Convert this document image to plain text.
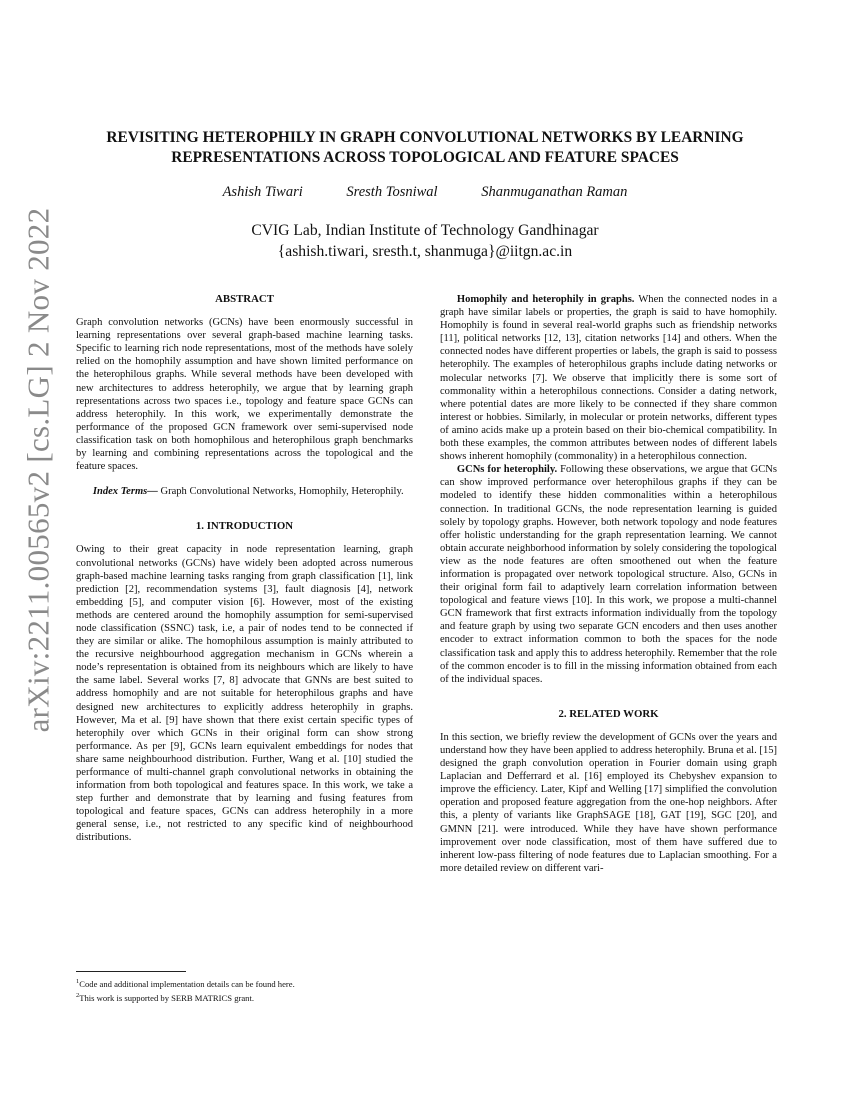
arXiv:2211.00565v2 [cs.LG] 2 Nov 2022
REVISITING HETEROPHILY IN GRAPH CONVOLUTIONAL NETWORKS BY LEARNING
REPRESENTATIONS ACROSS TOPOLOGICAL AND FEATURE SPACES
Ashish Tiwari	Sresth Tosniwal	Shanmuganathan Raman
CVIG Lab, Indian Institute of Technology Gandhinagar
{ashish.tiwari, sresth.t, shanmuga}@iitgn.ac.in
ABSTRACT

Graph convolution networks (GCNs) have been enormously successful in learning representations over several graph-based machine learning tasks. Specific to learning rich node representations, most of the methods have solely relied on the homophily assumption and have shown limited performance on the heterophilous graphs. While several methods have been developed with new architectures to address heterophily, we argue that by learning graph representations across two spaces i.e., topology and feature space GCNs can address heterophily. In this work, we experimentally demonstrate the performance of the proposed GCN framework over semi-supervised node classification task on both homophilous and heterophilous graph benchmarks by learning and combining representations across the topological and the feature spaces.

Index Terms— Graph Convolutional Networks, Homophily, Heterophily.

1. INTRODUCTION

Owing to their great capacity in node representation learning, graph convolutional networks (GCNs) have widely been adopted across numerous graph-based machine learning tasks ranging from graph classification [1], link prediction [2], recommendation systems [3], fault diagnosis [4], network embedding [5], and computer vision [6]. However, most of the existing methods are centered around the homophily assumption for semi-supervised node classification (SSNC) task, i.e, a pair of nodes tend to be connected if they are similar or alike. The homophilous assumption is mainly attributed to the recursive neighbourhood aggregation mechanism in GCNs wherein a node’s representation is obtained from its neighbours which are likely to have the same label. Several works [7, 8] advocate that GNNs are best suited to address homophily and are not suitable for heterophilous graphs and have designed new architectures to explicitly address heterophily in graphs. However, Ma et al. [9] have shown that there exist certain specific types of heterophily over which GCNs in their original form can show strong performance. As per [9], GCNs learn equivalent embeddings for nodes that share same neighbourhood distribution. Further, Wang et al. [10] studied the performance of multi-channel graph convolutional networks in obtaining the information from both topological and features space. In this work, we take a step further and demonstrate that by learning and fusing features from topological and feature spaces, GCNs can address heterophily in a more general sense, i.e., not restricted to any specific kind of neighbourhood distributions.

$^1$Code and additional implementation details can be found here.
$^2$This work is supported by SERB MATRICS grant.

Homophily and heterophily in graphs. When the connected nodes in a graph have similar labels or properties, the graph is said to have homophily. Homophily is found in several real-world graphs such as friendship networks [11], political networks [12, 13], citation networks [14] and others. When the connected nodes have different properties or labels, the graph is said to possess heterophily. The examples of heterophilous graphs include dating networks or molecular networks [7]. We observe that implicitly there is some sort of commonality within a heterophilous connections. Consider a dating network, where potential dates are more likely to be connected if they share common interest or hobbies. Similarly, in molecular or protein networks, different types of amino acids make up a protein based on their bio-chemical compatibility. In both these examples, the common attributes between nodes of different labels shows inherent homophily (commonality) in a heterophilous connection.

GCNs for heterophily. Following these observations, we argue that GCNs can show improved performance over heterophilous graphs if they can be modeled to identify these hidden commonalities within a heterophilous connection. In traditional GCNs, the node representation learning is guided solely by topology graphs. However, both network topology and node features offer holistic understanding for the graph representation learning. We cannot obtain accurate neighborhood information by solely considering the topological view as the node features are often smoothened out when the feature information is propagated over network topological structure. Also, GCNs in their original form fail to adaptively learn correlation information between topological and feature views [10]. In this work, we propose a multi-channel GCN framework that first extracts information individually from the topology and feature graph by using two separate GCN encoders and then uses another encoder to extract information common to both the spaces for the node classification task and apply this to address heterophily. Remember that the role of the common encoder is to fill in the missing information obtained from each of the individual spaces.

2. RELATED WORK

In this section, we briefly review the development of GCNs over the years and understand how they have been applied to address heterophily. Bruna et al. [15] designed the graph convolution operation in Fourier domain using graph Laplacian and Defferrard et al. [16] employed its Chebyshev expansion to improve the efficiency. Later, Kipf and Welling [17] simplified the convolution operation and proposed feature aggregation from the one-hop neighbors. After this, a plenty of variants like GraphSAGE [18], GAT [19], SGC [20], and GMNN [21]. were introduced. While they have have shown performance improvement over node classification, most of them have suffered due to inherent low-pass filtering of node features due to Laplacian smoothing. For a more detailed review on different vari-
